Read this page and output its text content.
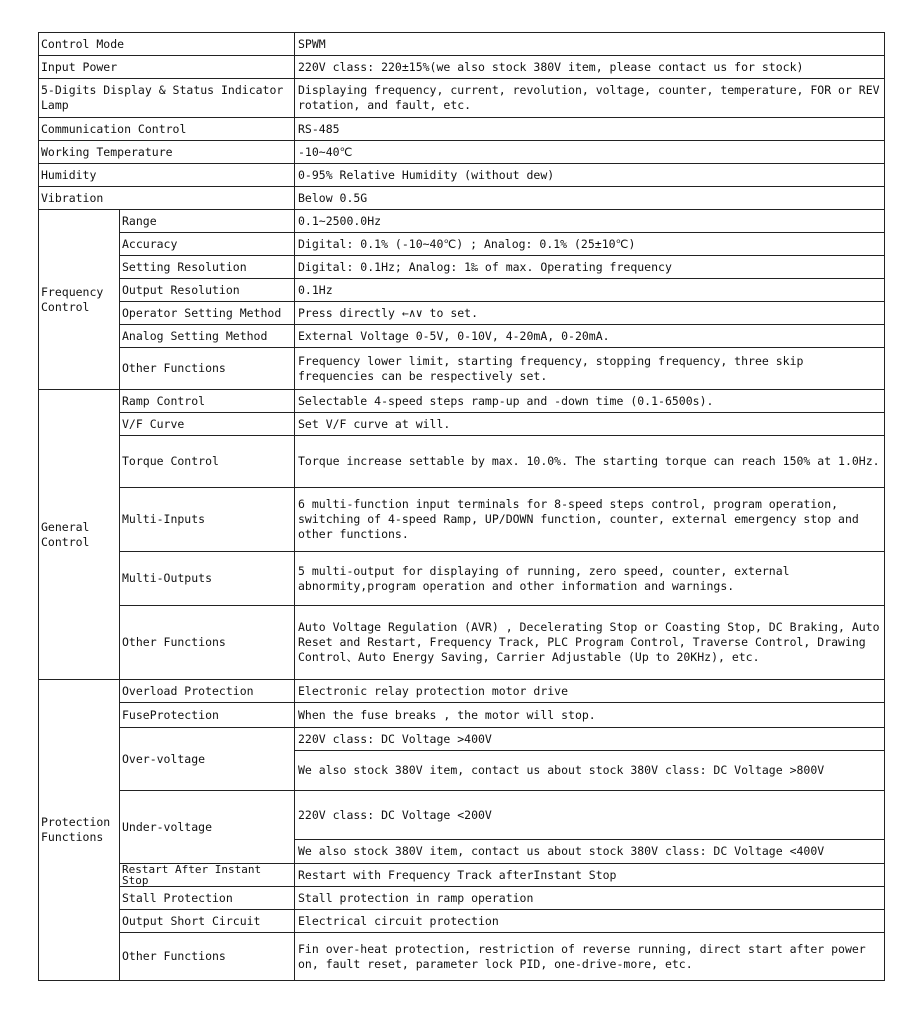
Control Mode		SPWM
Input Power		220V class: 220±15%(we also stock 380V item, please contact us for stock)
5-Digits Display & Status Indicator Lamp		Displaying frequency, current, revolution, voltage, counter, temperature, FOR or REV rotation, and fault, etc.
Communication Control		RS-485
Working Temperature		-10~40℃
Humidity		0-95% Relative Humidity (without dew)
Vibration		Below 0.5G
Frequency Control	Range	0.1~2500.0Hz
	Accuracy	Digital: 0.1% (-10~40℃) ; Analog: 0.1% (25±10℃)
	Setting Resolution	Digital: 0.1Hz; Analog: 1‰ of max. Operating frequency
	Output Resolution	0.1Hz
	Operator Setting Method	Press directly ←∧∨ to set.
	Analog Setting Method	External Voltage 0-5V, 0-10V, 4-20mA, 0-20mA.
	Other Functions	Frequency lower limit, starting frequency, stopping frequency, three skip frequencies can be respectively set.
General Control	Ramp Control	Selectable 4-speed steps ramp-up and -down time (0.1-6500s).
	V/F Curve	Set V/F curve at will.
	Torque Control	Torque increase settable by max. 10.0%. The starting torque can reach 150% at 1.0Hz.
	Multi-Inputs	6 multi-function input terminals for 8-speed steps control, program operation, switching of 4-speed Ramp, UP/DOWN function, counter, external emergency stop and other functions.
	Multi-Outputs	5 multi-output for displaying of running, zero speed, counter, external abnormity,program operation and other information and warnings.
	Other Functions	Auto Voltage Regulation (AVR) , Decelerating Stop or Coasting Stop, DC Braking, Auto Reset and Restart, Frequency Track, PLC Program Control, Traverse Control, Drawing Control、Auto Energy Saving, Carrier Adjustable (Up to 20KHz), etc.
Protection Functions	Overload Protection	Electronic relay protection motor drive
	FuseProtection	When the fuse breaks , the motor will stop.
	Over-voltage	220V class: DC Voltage >400V
		We also stock 380V item, contact us about stock 380V class: DC Voltage >800V
	Under-voltage	220V class: DC Voltage <200V
		We also stock 380V item, contact us about stock 380V class: DC Voltage <400V
	Restart After Instant Stop	Restart with Frequency Track afterInstant Stop
	Stall Protection	Stall protection in ramp operation
	Output Short Circuit	Electrical circuit protection
	Other Functions	Fin over-heat protection, restriction of reverse running, direct start after power on, fault reset, parameter lock PID, one-drive-more, etc.
